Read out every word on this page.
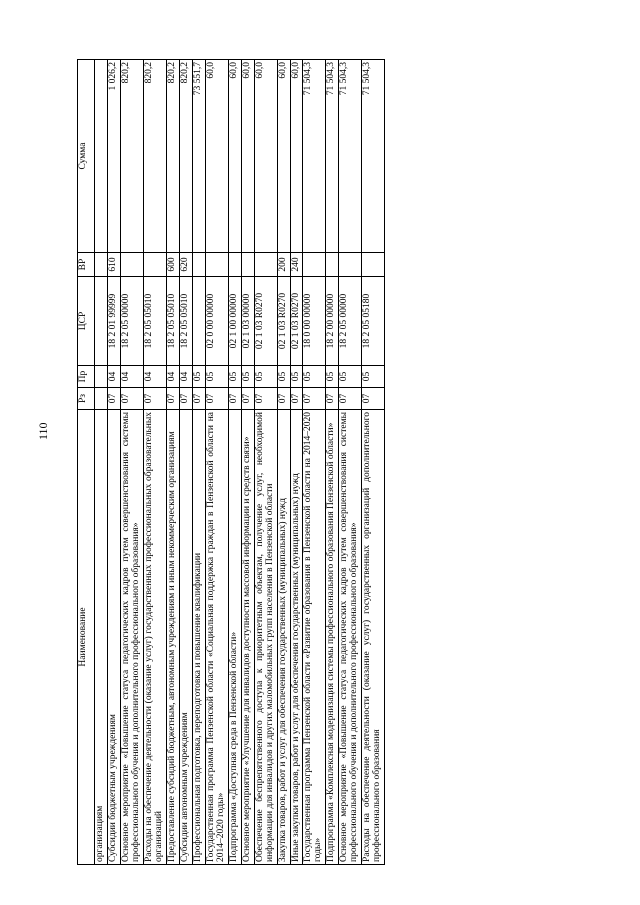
110
Наименование	Рз	Пр	ЦСР	ВР	Сумма
организациям					
Субсидии бюджетным учреждениям	07	04	18 2 01 99999	610	1 026,2
Основное мероприятие «Повышение статуса педагогических кадров путем совершенствования системы профессионального обучения и дополнительного профессионального образования»	07	04	18 2 05 00000		820,2
Расходы на обеспечение деятельности (оказание услуг) государственных профессиональных образовательных организаций	07	04	18 2 05 05010		820,2
Предоставление субсидий бюджетным, автономным учреждениям и иным некоммерческим организациям	07	04	18 2 05 05010	600	820,2
Субсидии автономным учреждениям	07	04	18 2 05 05010	620	820,2
Профессиональная подготовка, переподготовка и повышение квалификации	07	05			73 551,7
Государственная программа Пензенской области «Социальная поддержка граждан в Пензенской области на 2014–2020 годы»	07	05	02 0 00 00000		60,0
Подпрограмма «Доступная среда в Пензенской области»	07	05	02 1 00 00000		60,0
Основное мероприятие «Улучшение для инвалидов доступности массовой информации и средств связи»	07	05	02 1 03 00000		60,0
Обеспечение беспрепятственного доступа к приоритетным объектам, получение услуг, необходимой информации для инвалидов и других маломобильных групп населения в Пензенской области	07	05	02 1 03 R0270		60,0
Закупка товаров, работ и услуг для обеспечения государственных (муниципальных) нужд	07	05	02 1 03 R0270	200	60,0
Иные закупки товаров, работ и услуг для обеспечения государственных (муниципальных) нужд	07	05	02 1 03 R0270	240	60,0
Государственная программа Пензенской области «Развитие образования в Пензенской области на 2014–2020 годы»	07	05	18 0 00 00000		71 504,3
Подпрограмма «Комплексная модернизация системы профессионального образования Пензенской области»	07	05	18 2 00 00000		71 504,3
Основное мероприятие «Повышение статуса педагогических кадров путем совершенствования системы профессионального обучения и дополнительного профессионального образования»	07	05	18 2 05 00000		71 504,3
Расходы на обеспечение деятельности (оказание услуг) государственных организаций дополнительного профессионального образования	07	05	18 2 05 05180		71 504,3
